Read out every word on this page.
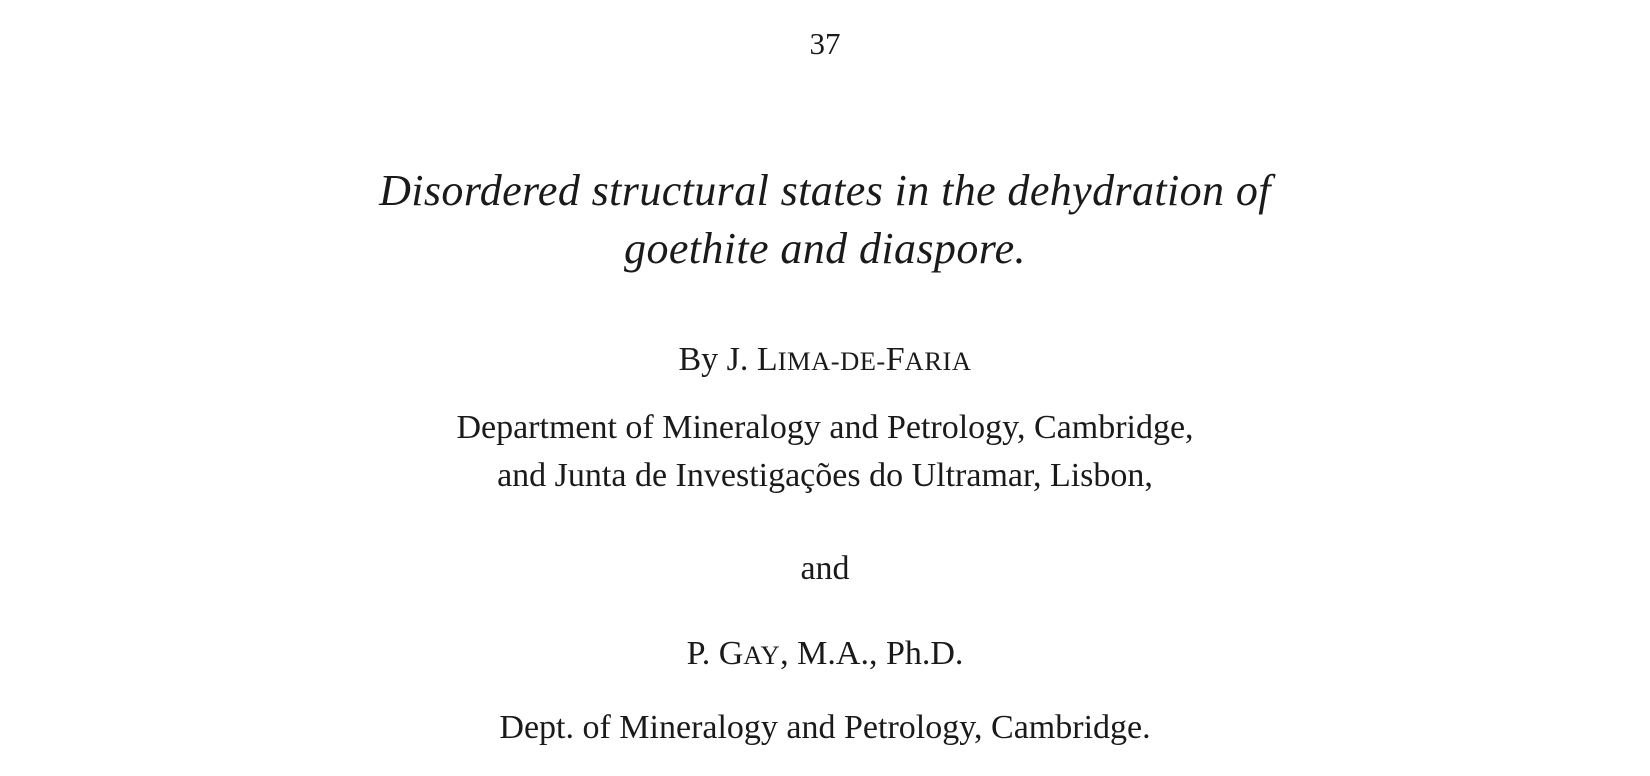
37
Disordered structural states in the dehydration of
goethite and diaspore.
By J. LIMA-DE-FARIA
Department of Mineralogy and Petrology, Cambridge,
and Junta de Investigações do Ultramar, Lisbon,
and
P. GAY, M.A., Ph.D.
Dept. of Mineralogy and Petrology, Cambridge.
